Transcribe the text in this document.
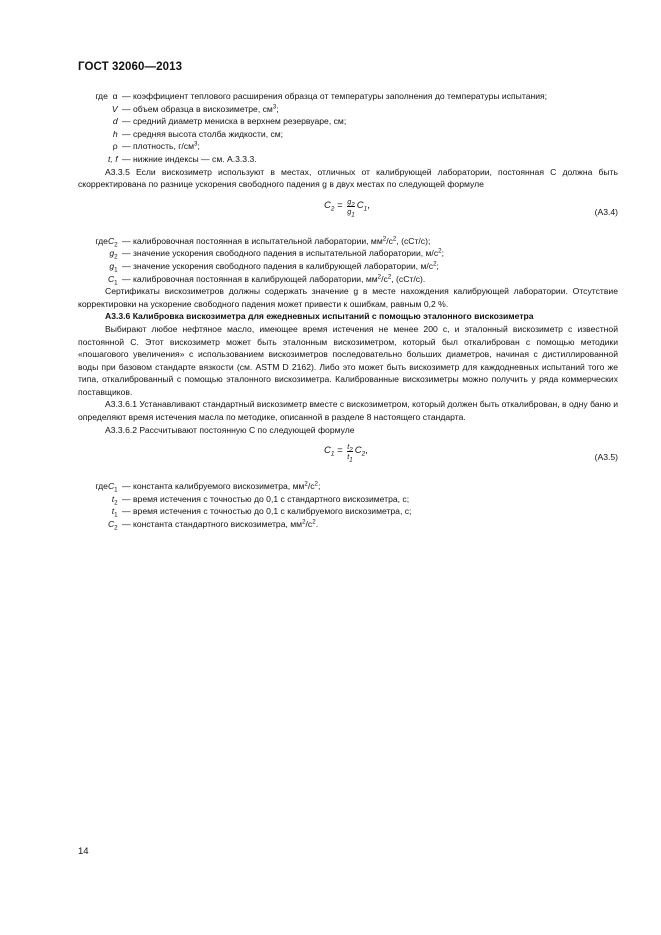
ГОСТ 32060—2013
где α	— коэффициент теплового расширения образца от температуры заполнения до температуры испытания;
V	— объем образца в вискозиметре, $см^3$;
d	— средний диаметр мениска в верхнем резервуаре, см;
h	— средняя высота столба жидкости, см;
ρ	— плотность, $г/см^3$;
t, f	— нижние индексы — см. А.3.3.3.

А3.3.5 Если вискозиметр используют в местах, отличных от калибрующей лаборатории, постоянная С должна быть скорректирована по разнице ускорения свободного падения g в двух местах по следующей формуле

$C_2 = \frac{g_2}{g_1} C_1$ ,
(А3.4)
гдеC$_2$	— калибровочная постоянная в испытательной лаборатории, $мм^2/с^2$, (сСт/с);
$g_2$	— значение ускорения свободного падения в испытательной лаборатории, $м/с^2$;
$g_1$	— значение ускорения свободного падения в калибрующей лаборатории, $м/с^2$;
$C_1$	— калибровочная постоянная в калибрующей лаборатории, $мм^2/с^2$, (сСт/с).

Сертификаты вискозиметров должны содержать значение g в месте нахождения калибрующей лаборатории. Отсутствие корректировки на ускорение свободного падения может привести к ошибкам, равным 0,2 %.

А3.3.6 Калибровка вискозиметра для ежедневных испытаний с помощью эталонного вискозиметра

Выбирают любое нефтяное масло, имеющее время истечения не менее 200 с, и эталонный вискозиметр с известной постоянной С. Этот вискозиметр может быть эталонным вискозиметром, который был откалиброван с помощью методики «пошагового увеличения» с использованием вискозиметров последовательно больших диаметров, начиная с дистиллированной воды при базовом стандарте вязкости (см. ASTM D 2162). Либо это может быть вискозиметр для каждодневных испытаний того же типа, откалиброванный с помощью эталонного вискозиметра. Калиброванные вискозиметры можно получить у ряда коммерческих поставщиков.

А3.3.6.1 Устанавливают стандартный вискозиметр вместе с вискозиметром, который должен быть откалиброван, в одну баню и определяют время истечения масла по методике, описанной в разделе 8 настоящего стандарта.

А3.3.6.2 Рассчитывают постоянную С по следующей формуле

$C_1 = \frac{t_2}{t_1} C_2$ ,
(А3.5)
гдеC$_1$	— константа калибруемого вискозиметра, $мм^2/с^2$;
$t_2$	— время истечения с точностью до 0,1 с стандартного вискозиметра, с;
$t_1$	— время истечения с точностью до 0,1 с калибруемого вискозиметра, с;
$C_2$	— константа стандартного вискозиметра, $мм^2/с^2$.
14
